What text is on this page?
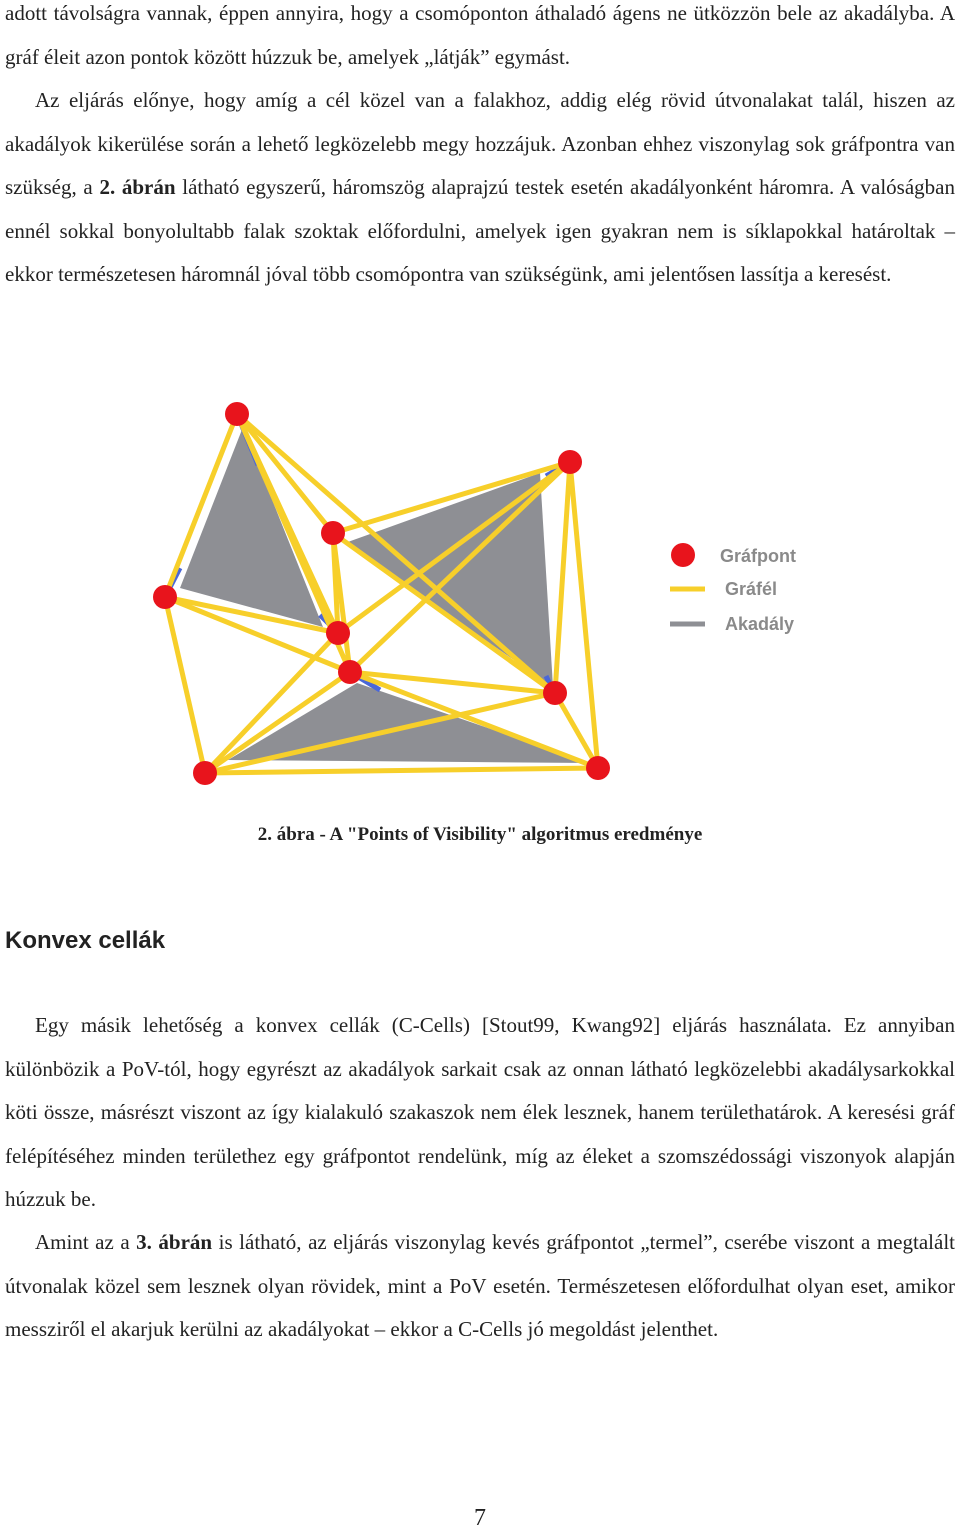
adott távolságra vannak, éppen annyira, hogy a csomóponton áthaladó ágens ne ütközzön bele az akadályba. A gráf éleit azon pontok között húzzuk be, amelyek „látják” egymást.
Az eljárás előnye, hogy amíg a cél közel van a falakhoz, addig elég rövid útvonalakat talál, hiszen az akadályok kikerülése során a lehető legközelebb megy hozzájuk. Azonban ehhez viszonylag sok gráfpontra van szükség, a 2. ábrán látható egyszerű, háromszög alaprajzú testek esetén akadályonként háromra. A valóságban ennél sokkal bonyolultabb falak szoktak előfordulni, amelyek igen gyakran nem is síklapokkal határoltak – ekkor természetesen háromnál jóval több csomópontra van szükségünk, ami jelentősen lassítja a keresést.

Gráfpont
Gráfél
Akadály

2. ábra - A "Points of Visibility" algoritmus eredménye

Konvex cellák

Egy másik lehetőség a konvex cellák (C-Cells) [Stout99, Kwang92] eljárás használata. Ez annyiban különbözik a PoV-tól, hogy egyrészt az akadályok sarkait csak az onnan látható legközelebbi akadálysarkokkal köti össze, másrészt viszont az így kialakuló szakaszok nem élek lesznek, hanem területhatárok. A keresési gráf felépítéséhez minden területhez egy gráfpontot rendelünk, míg az éleket a szomszédossági viszonyok alapján húzzuk be.

Amint az a 3. ábrán is látható, az eljárás viszonylag kevés gráfpontot „termel”, cserébe viszont a megtalált útvonalak közel sem lesznek olyan rövidek, mint a PoV esetén. Természetesen előfordulhat olyan eset, amikor messziről el akarjuk kerülni az akadályokat – ekkor a C-Cells jó megoldást jelenthet.

7
